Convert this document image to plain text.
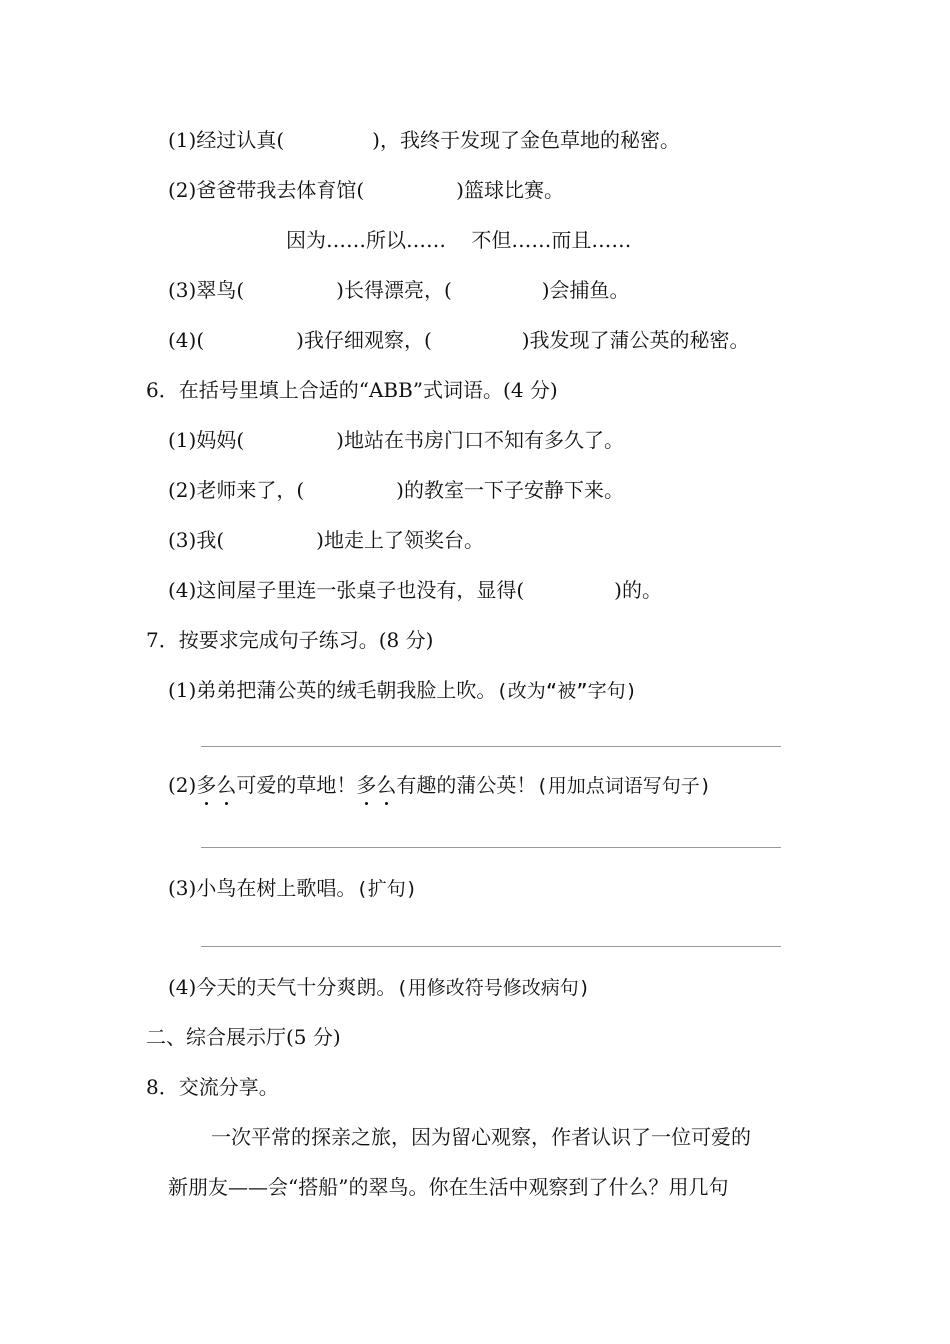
(1)经过认真(	)，我终于发现了金色草地的秘密。
(2)爸爸带我去体育馆(	)篮球比赛。
因为……所以……    不但……而且……
(3)翠鸟(	)长得漂亮，(	)会捕鱼。
(4)(	)我仔细观察，(	)我发现了蒲公英的秘密。
6．在括号里填上合适的“ABB”式词语。(4 分)
(1)妈妈(	)地站在书房门口不知有多久了。
(2)老师来了，(	)的教室一下子安静下来。
(3)我(	)地走上了领奖台。
(4)这间屋子里连一张桌子也没有，显得(	)的。
7．按要求完成句子练习。(8 分)
(1)弟弟把蒲公英的绒毛朝我脸上吹。(改为“被”字句)
(2)多么可爱的草地！多么有趣的蒲公英！(用加点词语写句子)
(3)小鸟在树上歌唱。(扩句)
(4)今天的天气十分爽朗。(用修改符号修改病句)
二、综合展示厅(5 分)
8．交流分享。
一次平常的探亲之旅，因为留心观察，作者认识了一位可爱的
新朋友——会“搭船”的翠鸟。你在生活中观察到了什么？用几句
